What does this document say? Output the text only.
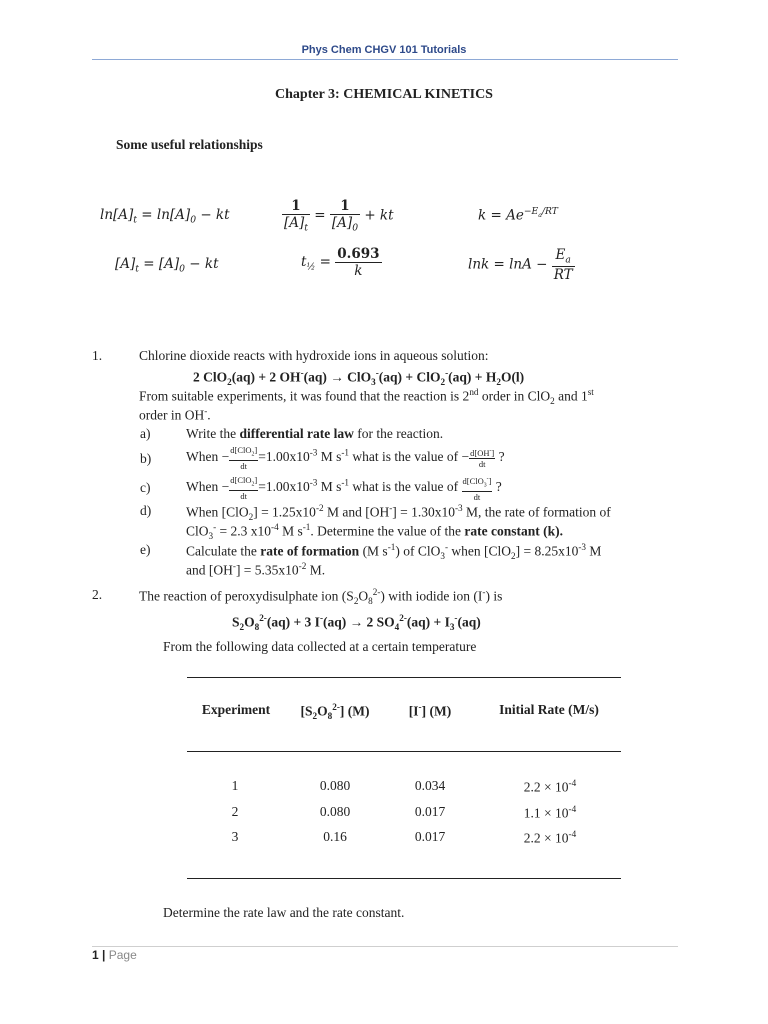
Phys Chem CHGV 101 Tutorials
Chapter 3: CHEMICAL KINETICS
Some useful relationships
$\ln[A]_t = \ln[A]_0$ − kt	$\frac{1}{[A]_t} = \frac{1}{[A]_0}$ + kt	$k = Ae^{-E_a/RT}$
$[A]_t = [A]_0$ − kt	$t_{\frac{1}{2}} = \frac{0.693}{k}$	$\ln k = \ln A - \frac{E_a}{RT}$
1.	Chlorine dioxide reacts with hydroxide ions in aqueous solution:
2 ClO$_2$(aq) + 2 $OH^-(aq) \to ClO_3^-(aq) + ClO_2^-(aq) + H_2O(l)$
From suitable experiments, it was found that the reaction is 2nd order in ClO$_2$ and 1st
order in OH-.
a)	Write the differential rate law for the reaction.
b)	When − d[ClO$_2$]
dt
$=1.00x10^{-3}$ M $s^{-1}$ what is the value of − $\frac{d[OH^-]}{dt}$ ?
c)	When − d[ClO$_2$]
dt
$=1.00x10^{-3}$ M $s^{-1}$ what is the value of d[ClO$_3$-]
dt
?
d)	When $[ClO_2] = 1.25x10^{-2}$ M and $[OH^-] = 1.30x10^{-3}$ M, the rate of formation of
ClO$_3$- = 2.3 $x10^{-4}$ M $s^{-1}$. Determine the value of the rate constant (k).
e)	Calculate the rate of formation (M $s^{-1}$) of ClO$_3$- when $[ClO_2] = 8.25x10^{-3}$ M
and $[OH^-] = 5.35x10^{-2}$ M.
2.	The reaction of peroxydisulphate ion $(S_2O_8^{2-})$ with iodide ion (I-) is
$S_2O_8^{2-}(aq) + 3$ I-(aq) → 2 $SO_4^{2-}(aq) + I_3^-(aq)$
From the following data collected at a certain temperature
Experiment	$[S_2O_8^{2-}]$ (M)	[I-] (M)	Initial Rate (M/s)
1	0.080	0.034	$2.2 \times 10^{-4}$
2	0.080	0.017	$1.1 \times 10^{-4}$
3	0.16	0.017	$2.2 \times 10^{-4}$
Determine the rate law and the rate constant.
1 | Page
